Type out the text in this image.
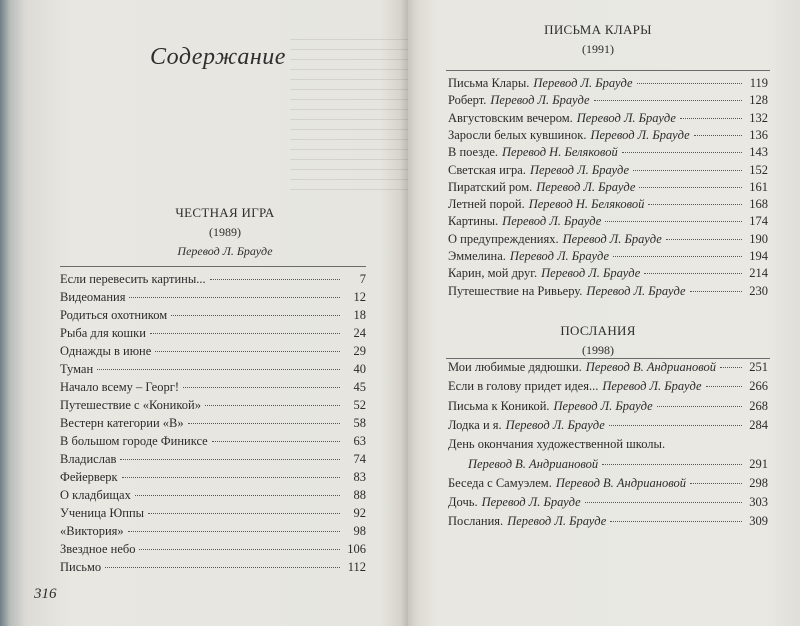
Содержание
ЧЕСТНАЯ ИГРА
(1989)
Перевод Л. Брауде
Если перевесить картины...	7
Видеомания	12
Родиться охотником	18
Рыба для кошки	24
Однажды в июне	29
Туман	40
Начало всему – Георг!	45
Путешествие с «Коникой»	52
Вестерн категории «В»	58
В большом городе Финиксе	63
Владислав	74
Фейерверк	83
О кладбищах	88
Ученица Юппы	92
«Виктория»	98
Звездное небо	106
Письмо	112
316
ПИСЬМА КЛАРЫ
(1991)
Письма Клары. Перевод Л. Брауде	119
Роберт. Перевод Л. Брауде	128
Августовским вечером. Перевод Л. Брауде	132
Заросли белых кувшинок. Перевод Л. Брауде	136
В поезде. Перевод Н. Беляковой	143
Светская игра. Перевод Л. Брауде	152
Пиратский ром. Перевод Л. Брауде	161
Летней порой. Перевод Н. Беляковой	168
Картины. Перевод Л. Брауде	174
О предупреждениях. Перевод Л. Брауде	190
Эммелина. Перевод Л. Брауде	194
Карин, мой друг. Перевод Л. Брауде	214
Путешествие на Ривьеру. Перевод Л. Брауде	230
ПОСЛАНИЯ
(1998)
Мои любимые дядюшки. Перевод В. Андриановой	251
Если в голову придет идея... Перевод Л. Брауде	266
Письма к Коникой. Перевод Л. Брауде	268
Лодка и я. Перевод Л. Брауде	284
День окончания художественной школы.
Перевод В. Андриановой	291
Беседа с Самуэлем. Перевод В. Андриановой	298
Дочь. Перевод Л. Брауде	303
Послания. Перевод Л. Брауде	309
